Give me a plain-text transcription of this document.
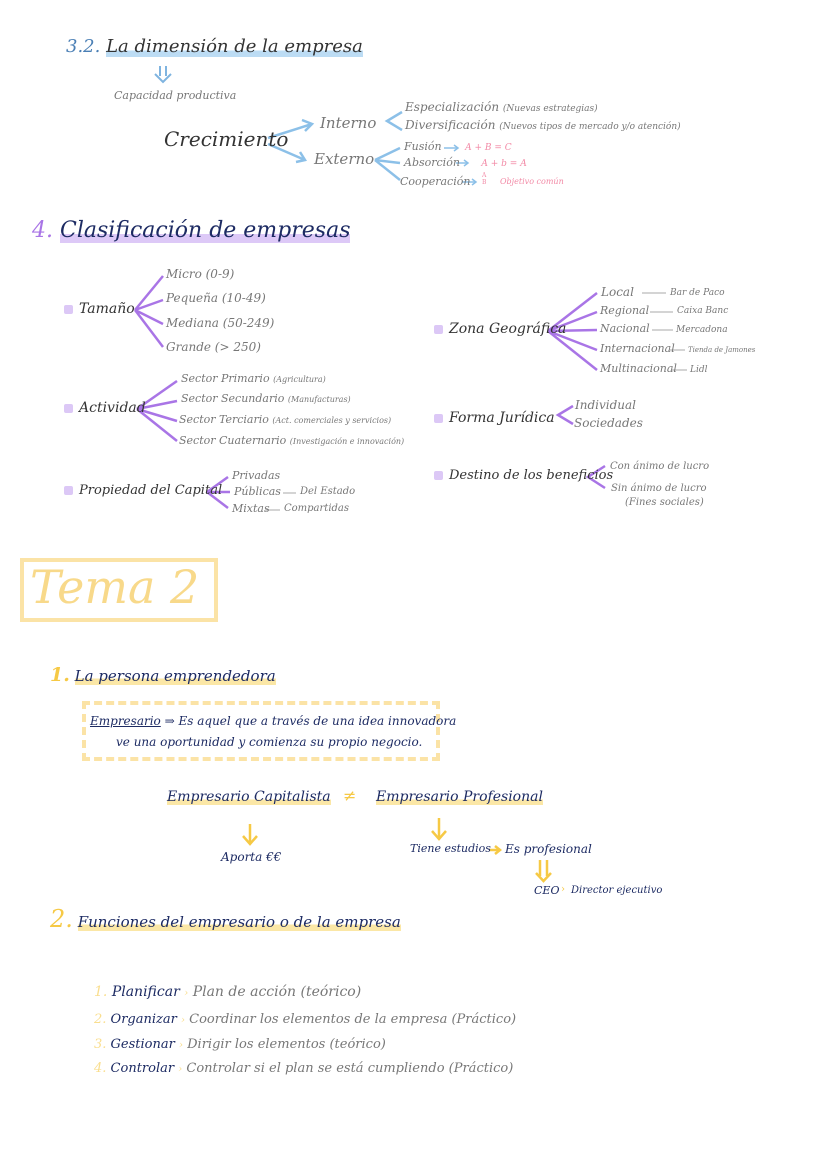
3.2. La dimensión de la empresa
Capacidad productiva
Crecimiento
Interno
Externo
Especialización (Nuevas estrategias)
Diversificación (Nuevos tipos de mercado y/o atención)
Fusión	A + B = C
Absorción A + b = A
Cooperación A
B Objetivo común
4. Clasificación de empresas
Tamaño
Micro (0-9)
Pequeña (10-49)
Mediana (50-249)
Grande (> 250)
Actividad
Sector Primario (Agricultura)
Sector Secundario (Manufacturas)
Sector Terciario (Act. comerciales y servicios)
Sector Cuaternario (Investigación e innovación)
Propiedad del Capital
Privadas
Públicas Del Estado
Mixtas Compartidas
Zona Geográfica
Local	Bar de Paco
Regional	Caixa Banc
Nacional	Mercadona
Internacional Tienda de Jamones
Multinacional Lidl
Forma Jurídica
Individual
Sociedades
Destino de los beneficios
Con ánimo de lucro
Sin ánimo de lucro
(Fines sociales)
Tema 2
1. La persona emprendedora
Empresario ⇒ Es aquel que a través de una idea innovadora
ve una oportunidad y comienza su propio negocio.
Empresario Capitalista ≠ Empresario Profesional
Aporta €€
Tiene estudios Es profesional
CEO › Director ejecutivo
2. Funciones del empresario o de la empresa
1. Planificar › Plan de acción (teórico)
2. Organizar › Coordinar los elementos de la empresa (Práctico)
3. Gestionar › Dirigir los elementos (teórico)
4. Controlar › Controlar si el plan se está cumpliendo (Práctico)
